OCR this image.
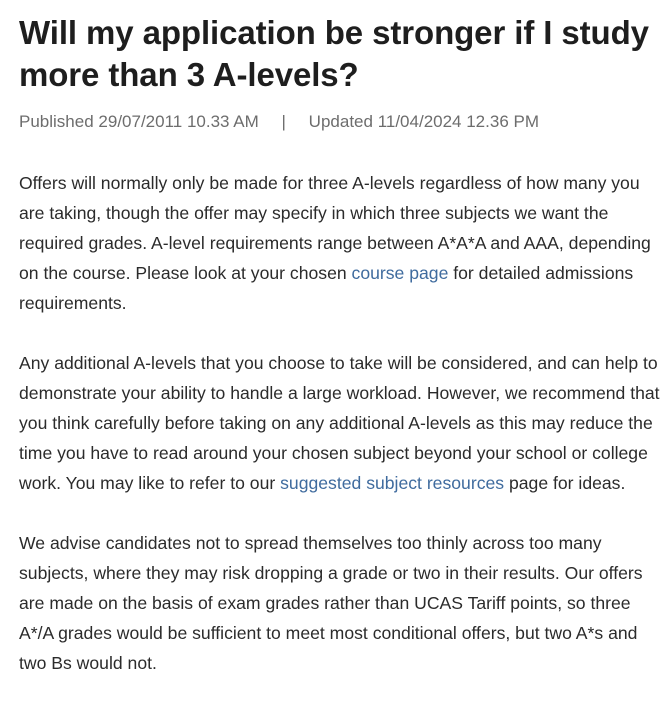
Will my application be stronger if I study more than 3 A-levels?
Published 29/07/2011 10.33 AM | Updated 11/04/2024 12.36 PM

Offers will normally only be made for three A-levels regardless of how many you are taking, though the offer may specify in which three subjects we want the required grades. A-level requirements range between A*A*A and AAA, depending on the course. Please look at your chosen course page for detailed admissions requirements.

Any additional A-levels that you choose to take will be considered, and can help to demonstrate your ability to handle a large workload. However, we recommend that you think carefully before taking on any additional A-levels as this may reduce the time you have to read around your chosen subject beyond your school or college work. You may like to refer to our suggested subject resources page for ideas.

We advise candidates not to spread themselves too thinly across too many subjects, where they may risk dropping a grade or two in their results. Our offers are made on the basis of exam grades rather than UCAS Tariff points, so three A*/A grades would be sufficient to meet most conditional offers, but two A*s and two Bs would not.
